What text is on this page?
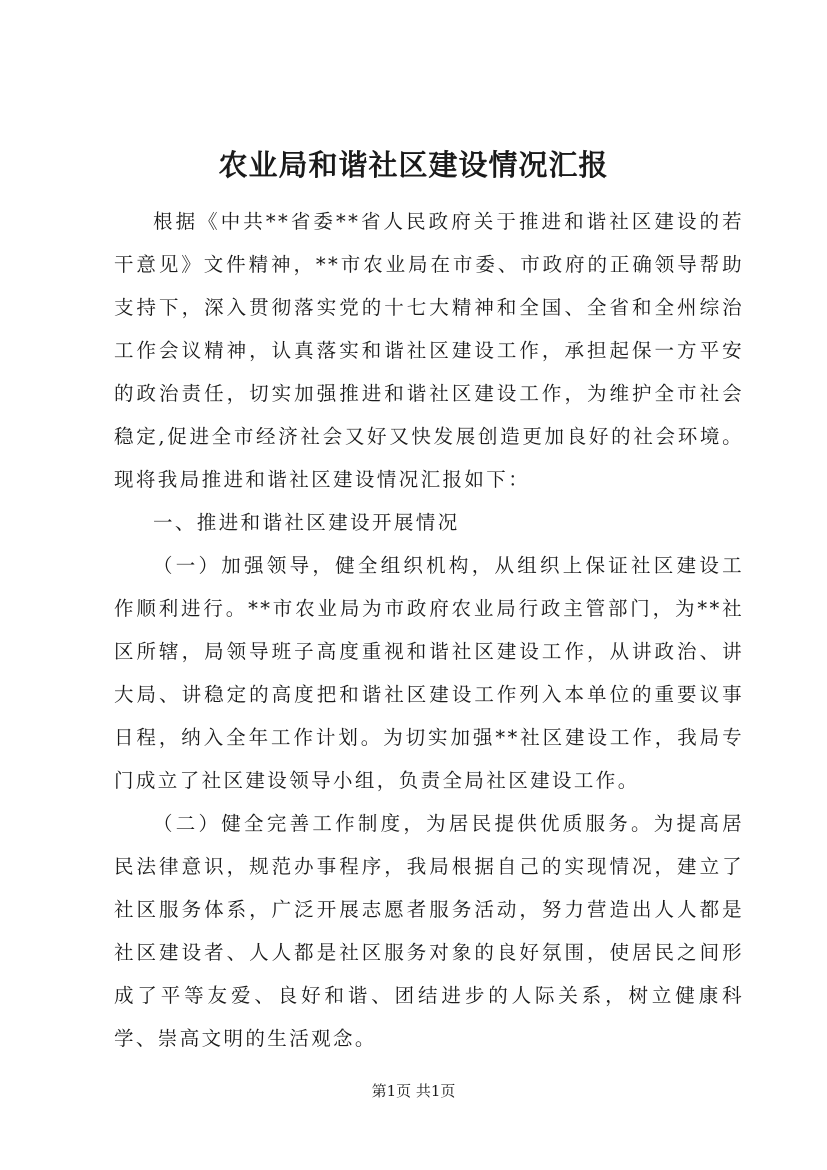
农业局和谐社区建设情况汇报

根据《中共**省委**省人民政府关于推进和谐社区建设的若干意见》文件精神，**市农业局在市委、市政府的正确领导帮助支持下，深入贯彻落实党的十七大精神和全国、全省和全州综治工作会议精神，认真落实和谐社区建设工作，承担起保一方平安的政治责任，切实加强推进和谐社区建设工作，为维护全市社会稳定,促进全市经济社会又好又快发展创造更加良好的社会环境。现将我局推进和谐社区建设情况汇报如下：

一、推进和谐社区建设开展情况

（一）加强领导，健全组织机构，从组织上保证社区建设工作顺利进行。**市农业局为市政府农业局行政主管部门，为**社区所辖，局领导班子高度重视和谐社区建设工作，从讲政治、讲大局、讲稳定的高度把和谐社区建设工作列入本单位的重要议事日程，纳入全年工作计划。为切实加强**社区建设工作，我局专门成立了社区建设领导小组，负责全局社区建设工作。

（二）健全完善工作制度，为居民提供优质服务。为提高居民法律意识，规范办事程序，我局根据自己的实现情况，建立了社区服务体系，广泛开展志愿者服务活动，努力营造出人人都是社区建设者、人人都是社区服务对象的良好氛围，使居民之间形成了平等友爱、良好和谐、团结进步的人际关系，树立健康科学、崇高文明的生活观念。

第1页 共1页
